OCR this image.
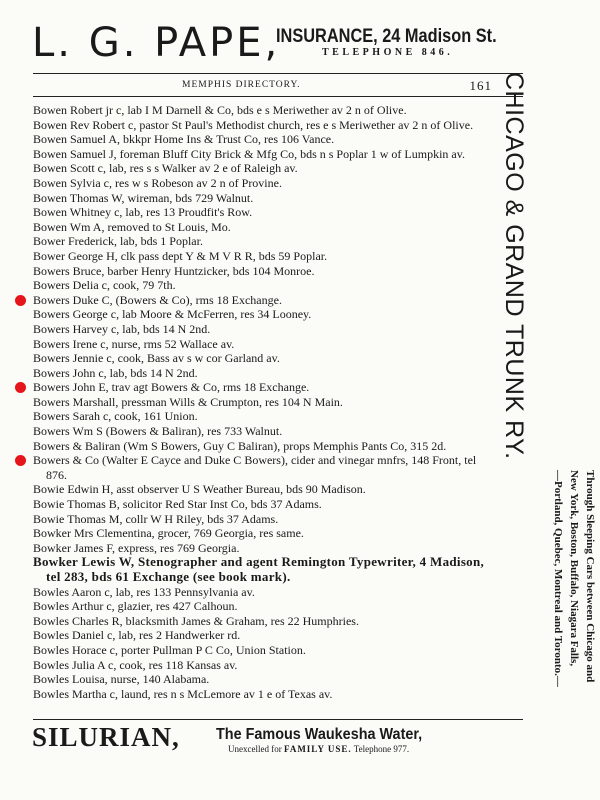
L. G. PAPE,
INSURANCE, 24 Madison St.
TELEPHONE 846.
MEMPHIS DIRECTORY.	161
Bowen Robert jr c, lab I M Darnell & Co, bds e s Meriwether av 2 n of Olive.
Bowen Rev Robert c, pastor St Paul's Methodist church, res e s Meriwether av 2 n of Olive.
Bowen Samuel A, bkkpr Home Ins & Trust Co, res 106 Vance.
Bowen Samuel J, foreman Bluff City Brick & Mfg Co, bds n s Poplar 1 w of Lumpkin av.
Bowen Scott c, lab, res s s Walker av 2 e of Raleigh av.
Bowen Sylvia c, res w s Robeson av 2 n of Provine.
Bowen Thomas W, wireman, bds 729 Walnut.
Bowen Whitney c, lab, res 13 Proudfit's Row.
Bowen Wm A, removed to St Louis, Mo.
Bower Frederick, lab, bds 1 Poplar.
Bower George H, clk pass dept Y & M V R R, bds 59 Poplar.
Bowers Bruce, barber Henry Huntzicker, bds 104 Monroe.
Bowers Delia c, cook, 79 7th.
Bowers Duke C, (Bowers & Co), rms 18 Exchange.
Bowers George c, lab Moore & McFerren, res 34 Looney.
Bowers Harvey c, lab, bds 14 N 2nd.
Bowers Irene c, nurse, rms 52 Wallace av.
Bowers Jennie c, cook, Bass av s w cor Garland av.
Bowers John c, lab, bds 14 N 2nd.
Bowers John E, trav agt Bowers & Co, rms 18 Exchange.
Bowers Marshall, pressman Wills & Crumpton, res 104 N Main.
Bowers Sarah c, cook, 161 Union.
Bowers Wm S (Bowers & Baliran), res 733 Walnut.
Bowers & Baliran (Wm S Bowers, Guy C Baliran), props Memphis Pants Co, 315 2d.
Bowers & Co (Walter E Cayce and Duke C Bowers), cider and vinegar mnfrs, 148 Front, tel 876.
Bowie Edwin H, asst observer U S Weather Bureau, bds 90 Madison.
Bowie Thomas B, solicitor Red Star Inst Co, bds 37 Adams.
Bowie Thomas M, collr W H Riley, bds 37 Adams.
Bowker Mrs Clementina, grocer, 769 Georgia, res same.
Bowker James F, express, res 769 Georgia.
Bowker Lewis W, Stenographer and agent Remington Typewriter, 4 Madison, tel 283, bds 61 Exchange (see book mark).
Bowles Aaron c, lab, res 133 Pennsylvania av.
Bowles Arthur c, glazier, res 427 Calhoun.
Bowles Charles R, blacksmith James & Graham, res 22 Humphries.
Bowles Daniel c, lab, res 2 Handwerker rd.
Bowles Horace c, porter Pullman P C Co, Union Station.
Bowles Julia A c, cook, res 118 Kansas av.
Bowles Louisa, nurse, 140 Alabama.
Bowles Martha c, laund, res n s McLemore av 1 e of Texas av.
CHICAGO & GRAND TRUNK RY.
Through Sleeping Cars between Chicago and
New York, Boston, Buffalo, Niagara Falls,
—Portland, Quebec, Montreal and Toronto.—
SILURIAN, The Famous Waukesha Water,
Unexcelled for FAMILY USE. Telephone 977.
